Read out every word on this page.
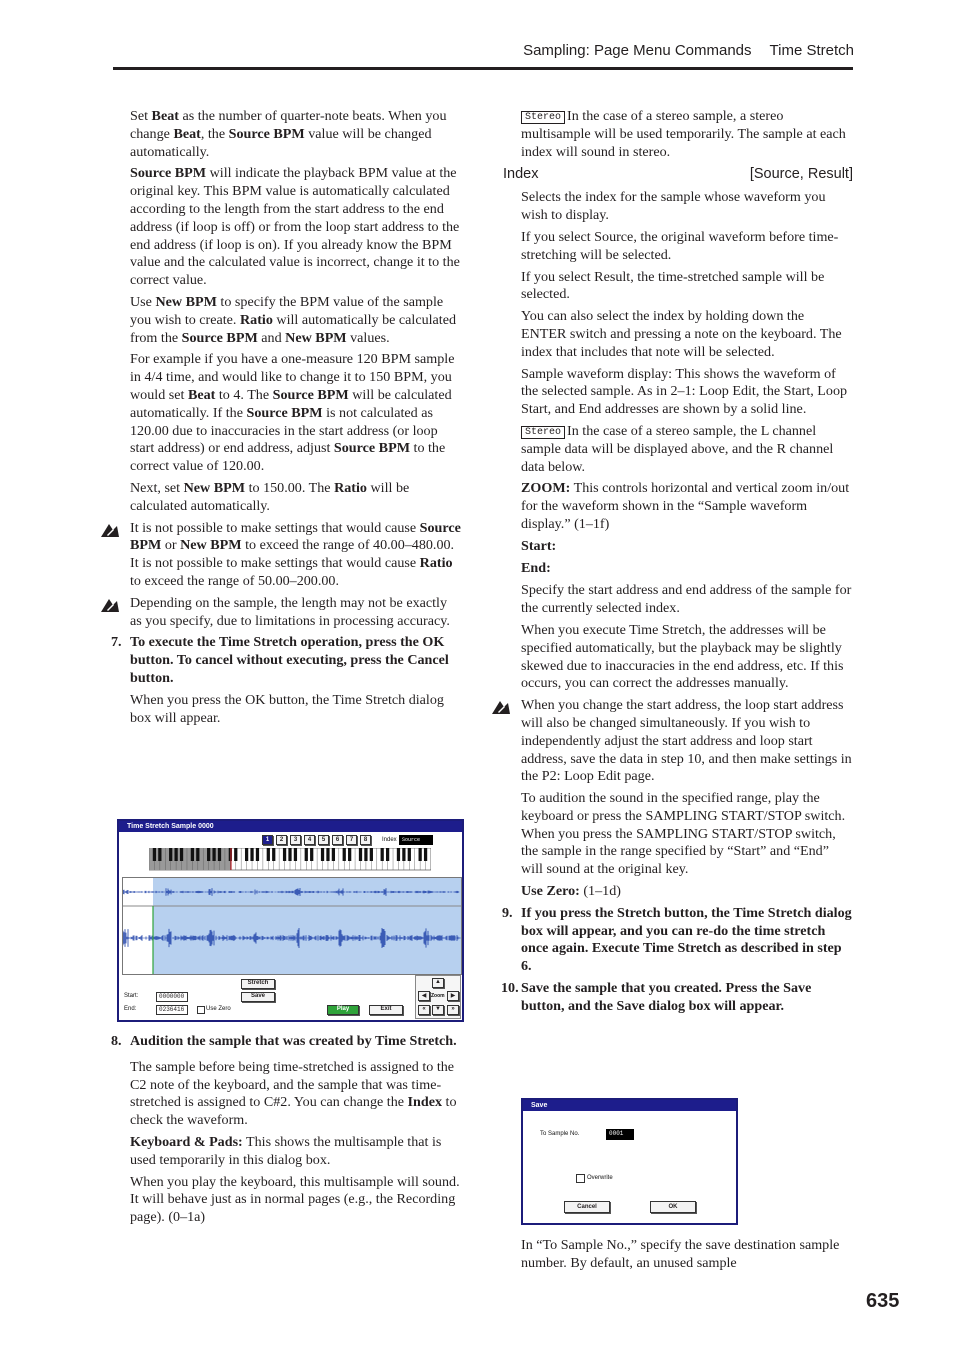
Sampling: Page Menu Commands Time Stretch

Set Beat as the number of quarter-note beats. When you change Beat, the Source BPM value will be changed automatically.

Source BPM will indicate the playback BPM value at the original key. This BPM value is automatically calculated according to the length from the start address to the end address (if loop is off) or from the loop start address to the end address (if loop is on). If you already know the BPM value and the calculated value is incorrect, change it to the correct value.

Use New BPM to specify the BPM value of the sample you wish to create. Ratio will automatically be calculated from the Source BPM and New BPM values.

For example if you have a one-measure 120 BPM sample in 4/4 time, and would like to change it to 150 BPM, you would set Beat to 4. The Source BPM will be calculated automatically. If the Source BPM is not calculated as 120.00 due to inaccuracies in the start address (or loop start address) or end address, adjust Source BPM to the correct value of 120.00.

Next, set New BPM to 150.00. The Ratio will be calculated automatically.

It is not possible to make settings that would cause Source BPM or New BPM to exceed the range of 40.00–480.00.

It is not possible to make settings that would cause Ratio to exceed the range of 50.00–200.00.

Depending on the sample, the length may not be exactly as you specify, due to limitations in processing accuracy.

7. To execute the Time Stretch operation, press the OK button. To cancel without executing, press the Cancel button.

When you press the OK button, the Time Stretch dialog box will appear.

Time Stretch Sample 0000
1	2	3	4	5	6	7	8	Index	Source
Stretch
Save
Start:	0000000
End:	0236416	Use Zero	Play	Exit
▲
◀ Zoom	▶
▼
«	»
8. Audition the sample that was created by Time Stretch.

The sample before being time-stretched is assigned to the C2 note of the keyboard, and the sample that was time-stretched is assigned to C#2. You can change the Index to check the waveform.

Keyboard & Pads: This shows the multisample that is used temporarily in this dialog box.

When you play the keyboard, this multisample will sound. It will behave just as in normal pages (e.g., the Recording page). (0–1a)

Stereo In the case of a stereo sample, a stereo multisample will be used temporarily. The sample at each index will sound in stereo.

Index	[Source, Result]

Selects the index for the sample whose waveform you wish to display.

If you select Source, the original waveform before time-stretching will be selected.

If you select Result, the time-stretched sample will be selected.

You can also select the index by holding down the ENTER switch and pressing a note on the keyboard. The index that includes that note will be selected.

Sample waveform display: This shows the waveform of the selected sample. As in 2–1: Loop Edit, the Start, Loop Start, and End addresses are shown by a solid line.

Stereo In the case of a stereo sample, the L channel sample data will be displayed above, and the R channel data below.

ZOOM: This controls horizontal and vertical zoom in/out for the waveform shown in the “Sample waveform display.” (1–1f)

Start:

End:

Specify the start address and end address of the sample for the currently selected index.

When you execute Time Stretch, the addresses will be specified automatically, but the playback may be slightly skewed due to inaccuracies in the end address, etc. If this occurs, you can correct the addresses manually.

When you change the start address, the loop start address will also be changed simultaneously. If you wish to independently adjust the start address and loop start address, save the data in step 10, and then make settings in the P2: Loop Edit page.

To audition the sound in the specified range, play the keyboard or press the SAMPLING START/STOP switch. When you press the SAMPLING START/STOP switch, the sample in the range specified by “Start” and “End” will sound at the original key.

Use Zero: (1–1d)

9. If you press the Stretch button, the Time Stretch dialog box will appear, and you can re-do the time stretch once again. Execute Time Stretch as described in step 6.

10. Save the sample that you created. Press the Save button, and the Save dialog box will appear.

Save
To Sample No.	0001
Overwrite
Cancel	OK

In “To Sample No.,” specify the save destination sample number. By default, an unused sample

635
